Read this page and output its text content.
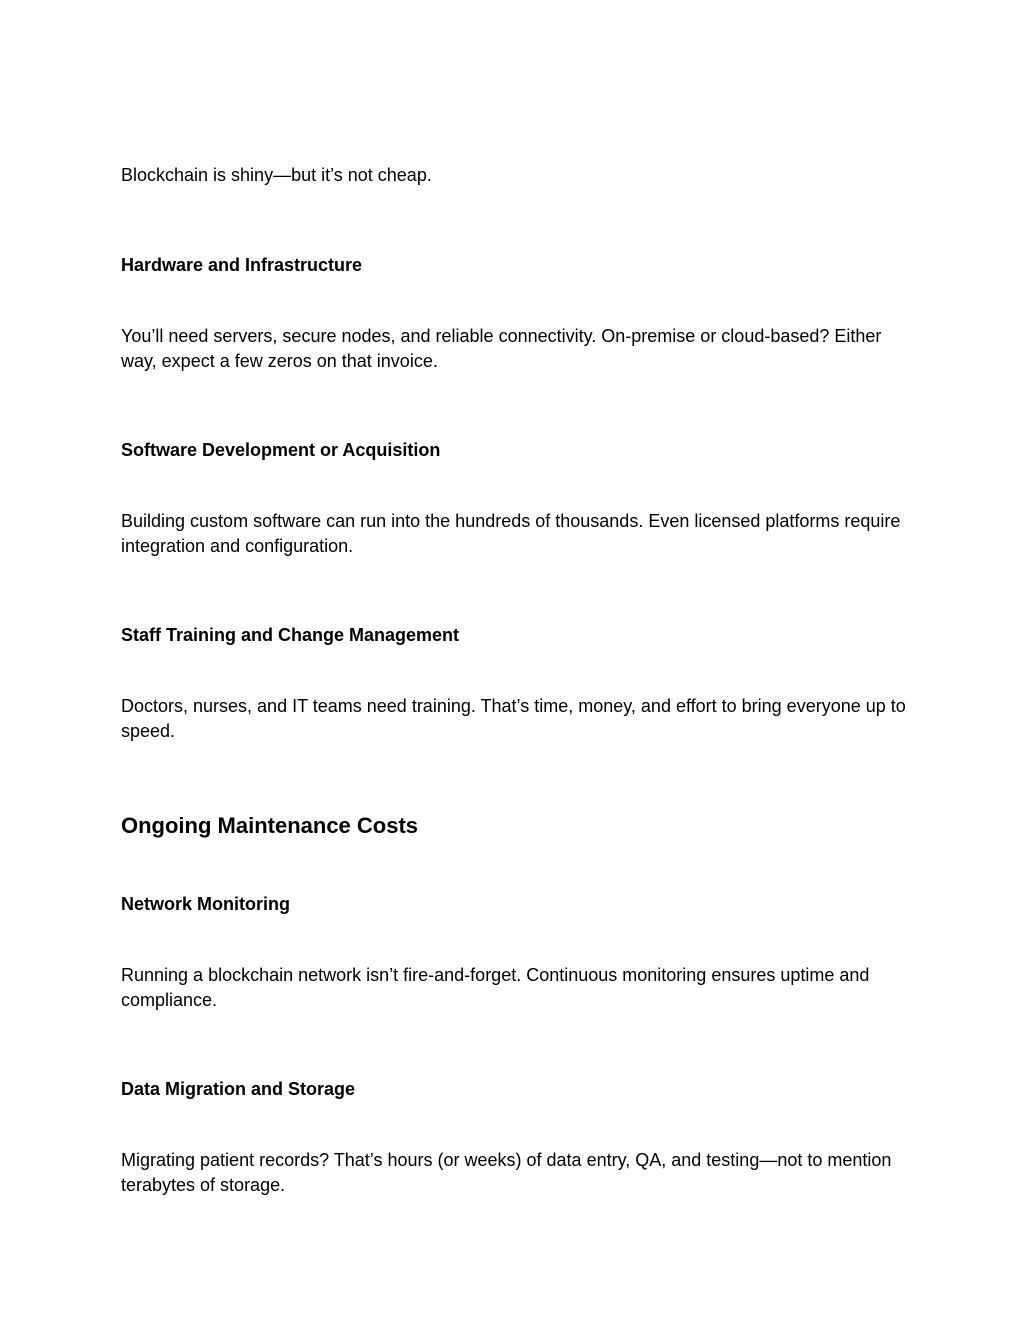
Blockchain is shiny—but it’s not cheap.

Hardware and Infrastructure

You’ll need servers, secure nodes, and reliable connectivity. On-premise or cloud-based? Either way, expect a few zeros on that invoice.

Software Development or Acquisition

Building custom software can run into the hundreds of thousands. Even licensed platforms require integration and configuration.

Staff Training and Change Management

Doctors, nurses, and IT teams need training. That’s time, money, and effort to bring everyone up to speed.

Ongoing Maintenance Costs
Network Monitoring

Running a blockchain network isn’t fire-and-forget. Continuous monitoring ensures uptime and compliance.

Data Migration and Storage

Migrating patient records? That’s hours (or weeks) of data entry, QA, and testing—not to mention terabytes of storage.
